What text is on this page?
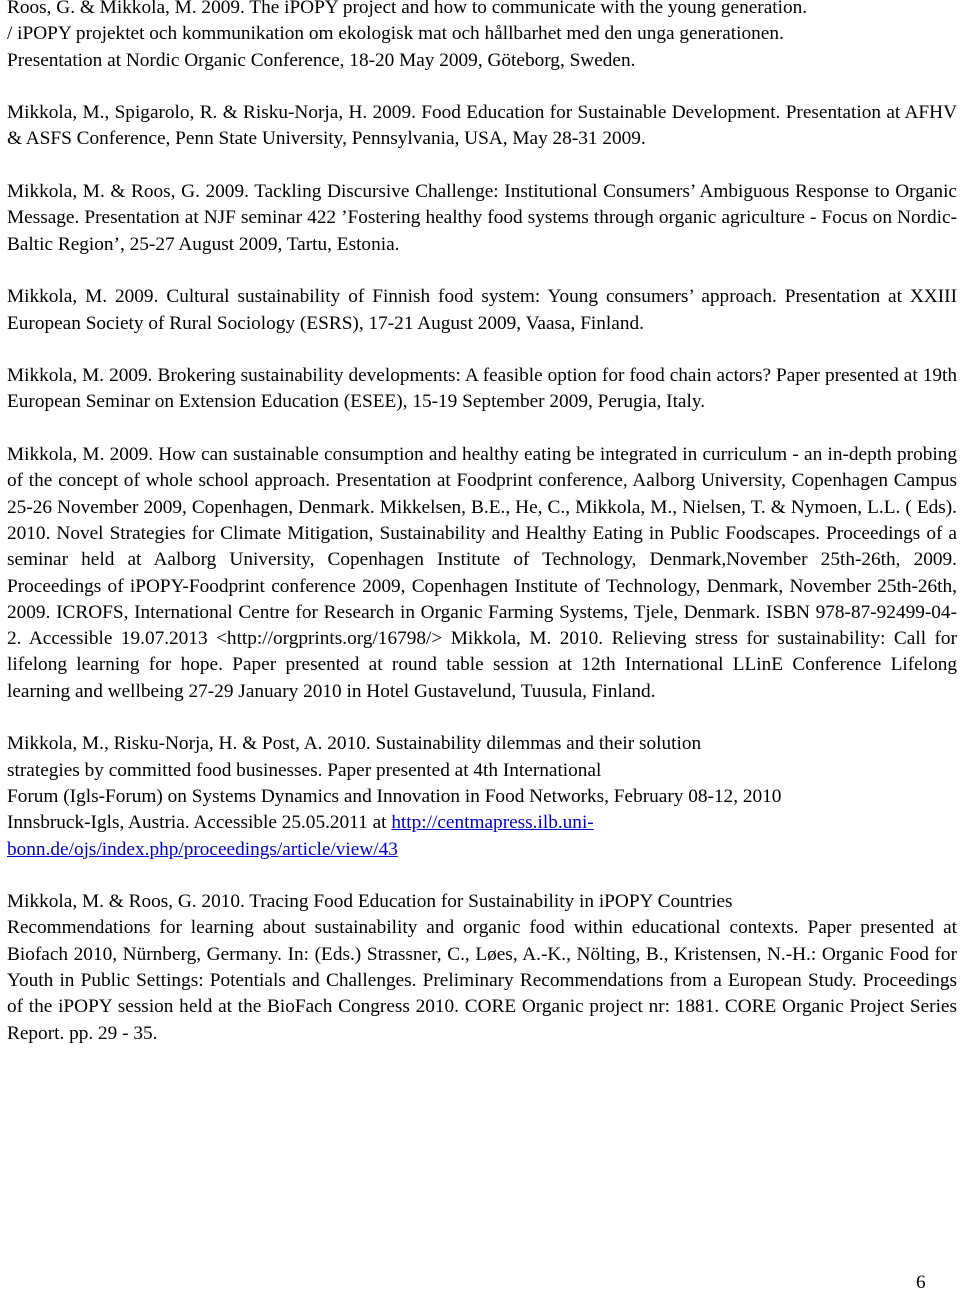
Roos, G. & Mikkola, M. 2009. The iPOPY project and how to communicate with the young generation.
/ iPOPY projektet och kommunikation om ekologisk mat och hållbarhet med den unga generationen.
Presentation at Nordic Organic Conference, 18-20 May 2009, Göteborg, Sweden.

Mikkola, M., Spigarolo, R. & Risku-Norja, H. 2009. Food Education for Sustainable Development. Presentation at AFHV & ASFS Conference, Penn State University, Pennsylvania, USA, May 28-31 2009.

Mikkola, M. & Roos, G. 2009. Tackling Discursive Challenge: Institutional Consumers’ Ambiguous Response to Organic Message. Presentation at NJF seminar 422 ’Fostering healthy food systems through organic agriculture - Focus on Nordic-Baltic Region’, 25-27 August 2009, Tartu, Estonia.

Mikkola, M. 2009. Cultural sustainability of Finnish food system: Young consumers’ approach. Presentation at XXIII European Society of Rural Sociology (ESRS), 17-21 August 2009, Vaasa, Finland.

Mikkola, M. 2009. Brokering sustainability developments: A feasible option for food chain actors? Paper presented at 19th European Seminar on Extension Education (ESEE), 15-19 September 2009, Perugia, Italy.

Mikkola, M. 2009. How can sustainable consumption and healthy eating be integrated in curriculum - an in-depth probing of the concept of whole school approach. Presentation at Foodprint conference, Aalborg University, Copenhagen Campus 25-26 November 2009, Copenhagen, Denmark. Mikkelsen, B.E., He, C., Mikkola, M., Nielsen, T. & Nymoen, L.L. ( Eds). 2010. Novel Strategies for Climate Mitigation, Sustainability and Healthy Eating in Public Foodscapes. Proceedings of a seminar held at Aalborg University, Copenhagen Institute of Technology, Denmark,November 25th-26th, 2009. Proceedings of iPOPY-Foodprint conference 2009, Copenhagen Institute of Technology, Denmark, November 25th-26th, 2009. ICROFS, International Centre for Research in Organic Farming Systems, Tjele, Denmark. ISBN 978-87-92499-04-2. Accessible 19.07.2013 <http://orgprints.org/16798/> Mikkola, M. 2010. Relieving stress for sustainability: Call for lifelong learning for hope. Paper presented at round table session at 12th International LLinE Conference Lifelong learning and wellbeing 27-29 January 2010 in Hotel Gustavelund, Tuusula, Finland.

Mikkola, M., Risku-Norja, H. & Post, A. 2010. Sustainability dilemmas and their solution
strategies by committed food businesses. Paper presented at 4th International
Forum (Igls-Forum) on Systems Dynamics and Innovation in Food Networks, February 08-12, 2010
Innsbruck-Igls, Austria. Accessible 25.05.2011 at http://centmapress.ilb.uni-
bonn.de/ojs/index.php/proceedings/article/view/43
Mikkola, M. & Roos, G. 2010. Tracing Food Education for Sustainability in iPOPY Countries
Recommendations for learning about sustainability and organic food within educational contexts. Paper presented at Biofach 2010, Nürnberg, Germany. In: (Eds.) Strassner, C., Løes, A.-K., Nölting, B., Kristensen, N.-H.: Organic Food for Youth in Public Settings: Potentials and Challenges. Preliminary Recommendations from a European Study. Proceedings of the iPOPY session held at the BioFach Congress 2010. CORE Organic project nr: 1881. CORE Organic Project Series Report. pp. 29 - 35.
6
